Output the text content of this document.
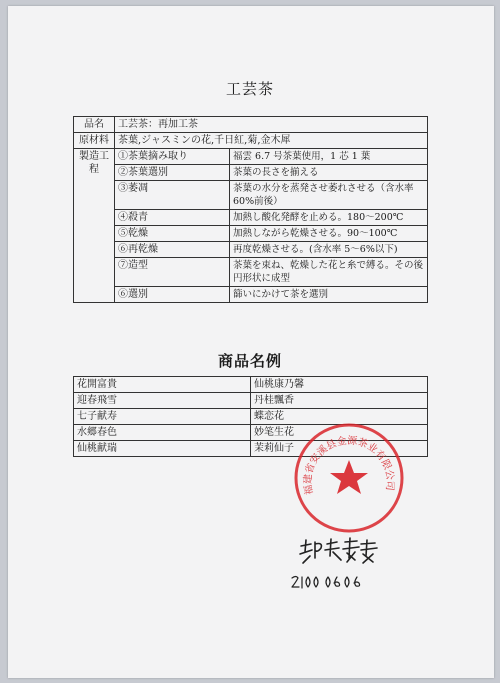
工芸茶
品名	工芸茶：再加工茶	
原材料	茶葉,ジャスミンの花,千日紅,菊,金木犀	
製造工程	①茶葉摘み取り	福雲 6.7 号茶葉使用，1 芯 1 葉
	②茶葉選別	茶葉の長さを揃える
	③萎凋	茶葉の水分を蒸発させ萎れさせる（含水率 60%前後）
	④殺青	加熱し酸化発酵を止める。180～200℃
	⑤乾燥	加熱しながら乾燥させる。90～100℃
	⑥再乾燥	再度乾燥させる。(含水率 5～6%以下)
	⑦造型	茶葉を束ね、乾燥した花と糸で縛る。その後円形状に成型
	⑥選別	篩いにかけて茶を選別
商品名例
花開富貴	仙桃康乃馨
迎春飛雪	丹桂飄香
七子献寿	蝶恋花
水郷春色	妙笔生花
仙桃献瑞	茉莉仙子
福建省安溪县金源茶业有限公司
